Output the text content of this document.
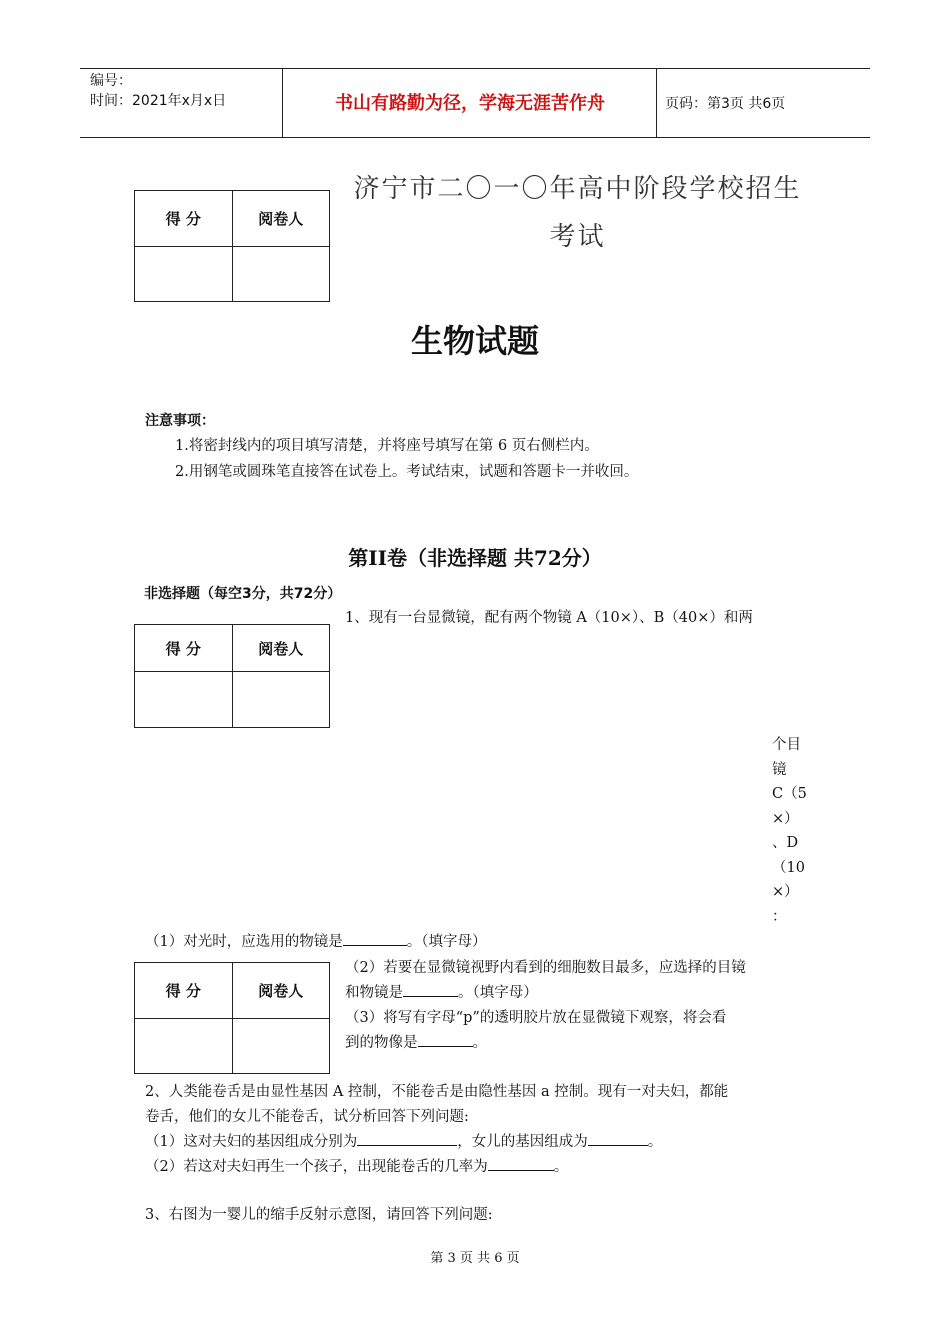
编号：
时间：2021年x月x日	书山有路勤为径，学海无涯苦作舟	页码：第3页 共6页
得 分	阅卷人

济宁市二〇一〇年高中阶段学校招生
考试
生物试题
注意事项：
1.将密封线内的项目填写清楚，并将座号填写在第 6 页右侧栏内。
2.用钢笔或圆珠笔直接答在试卷上。考试结束，试题和答题卡一并收回。
第II卷（非选择题 共72分）
非选择题（每空3分，共72分）
得 分	阅卷人

1、现有一台显微镜，配有两个物镜 A（10×）、B（40×）和两
个目
镜
C（5
×）
、D
（10
×）
：
（1）对光时，应选用的物镜是	。（填字母）
得 分	阅卷人

（2）若要在显微镜视野内看到的细胞数目最多，应选择的目镜
和物镜是	。（填字母）
（3）将写有字母“p”的透明胶片放在显微镜下观察，将会看
到的物像是	。
2、人类能卷舌是由显性基因 A 控制，不能卷舌是由隐性基因 a 控制。现有一对夫妇，都能
卷舌，他们的女儿不能卷舌，试分析回答下列问题:
（1）这对夫妇的基因组成分别为	，女儿的基因组成为	。
（2）若这对夫妇再生一个孩子，出现能卷舌的几率为	。
3、右图为一婴儿的缩手反射示意图，请回答下列问题:
第 3 页 共 6 页
